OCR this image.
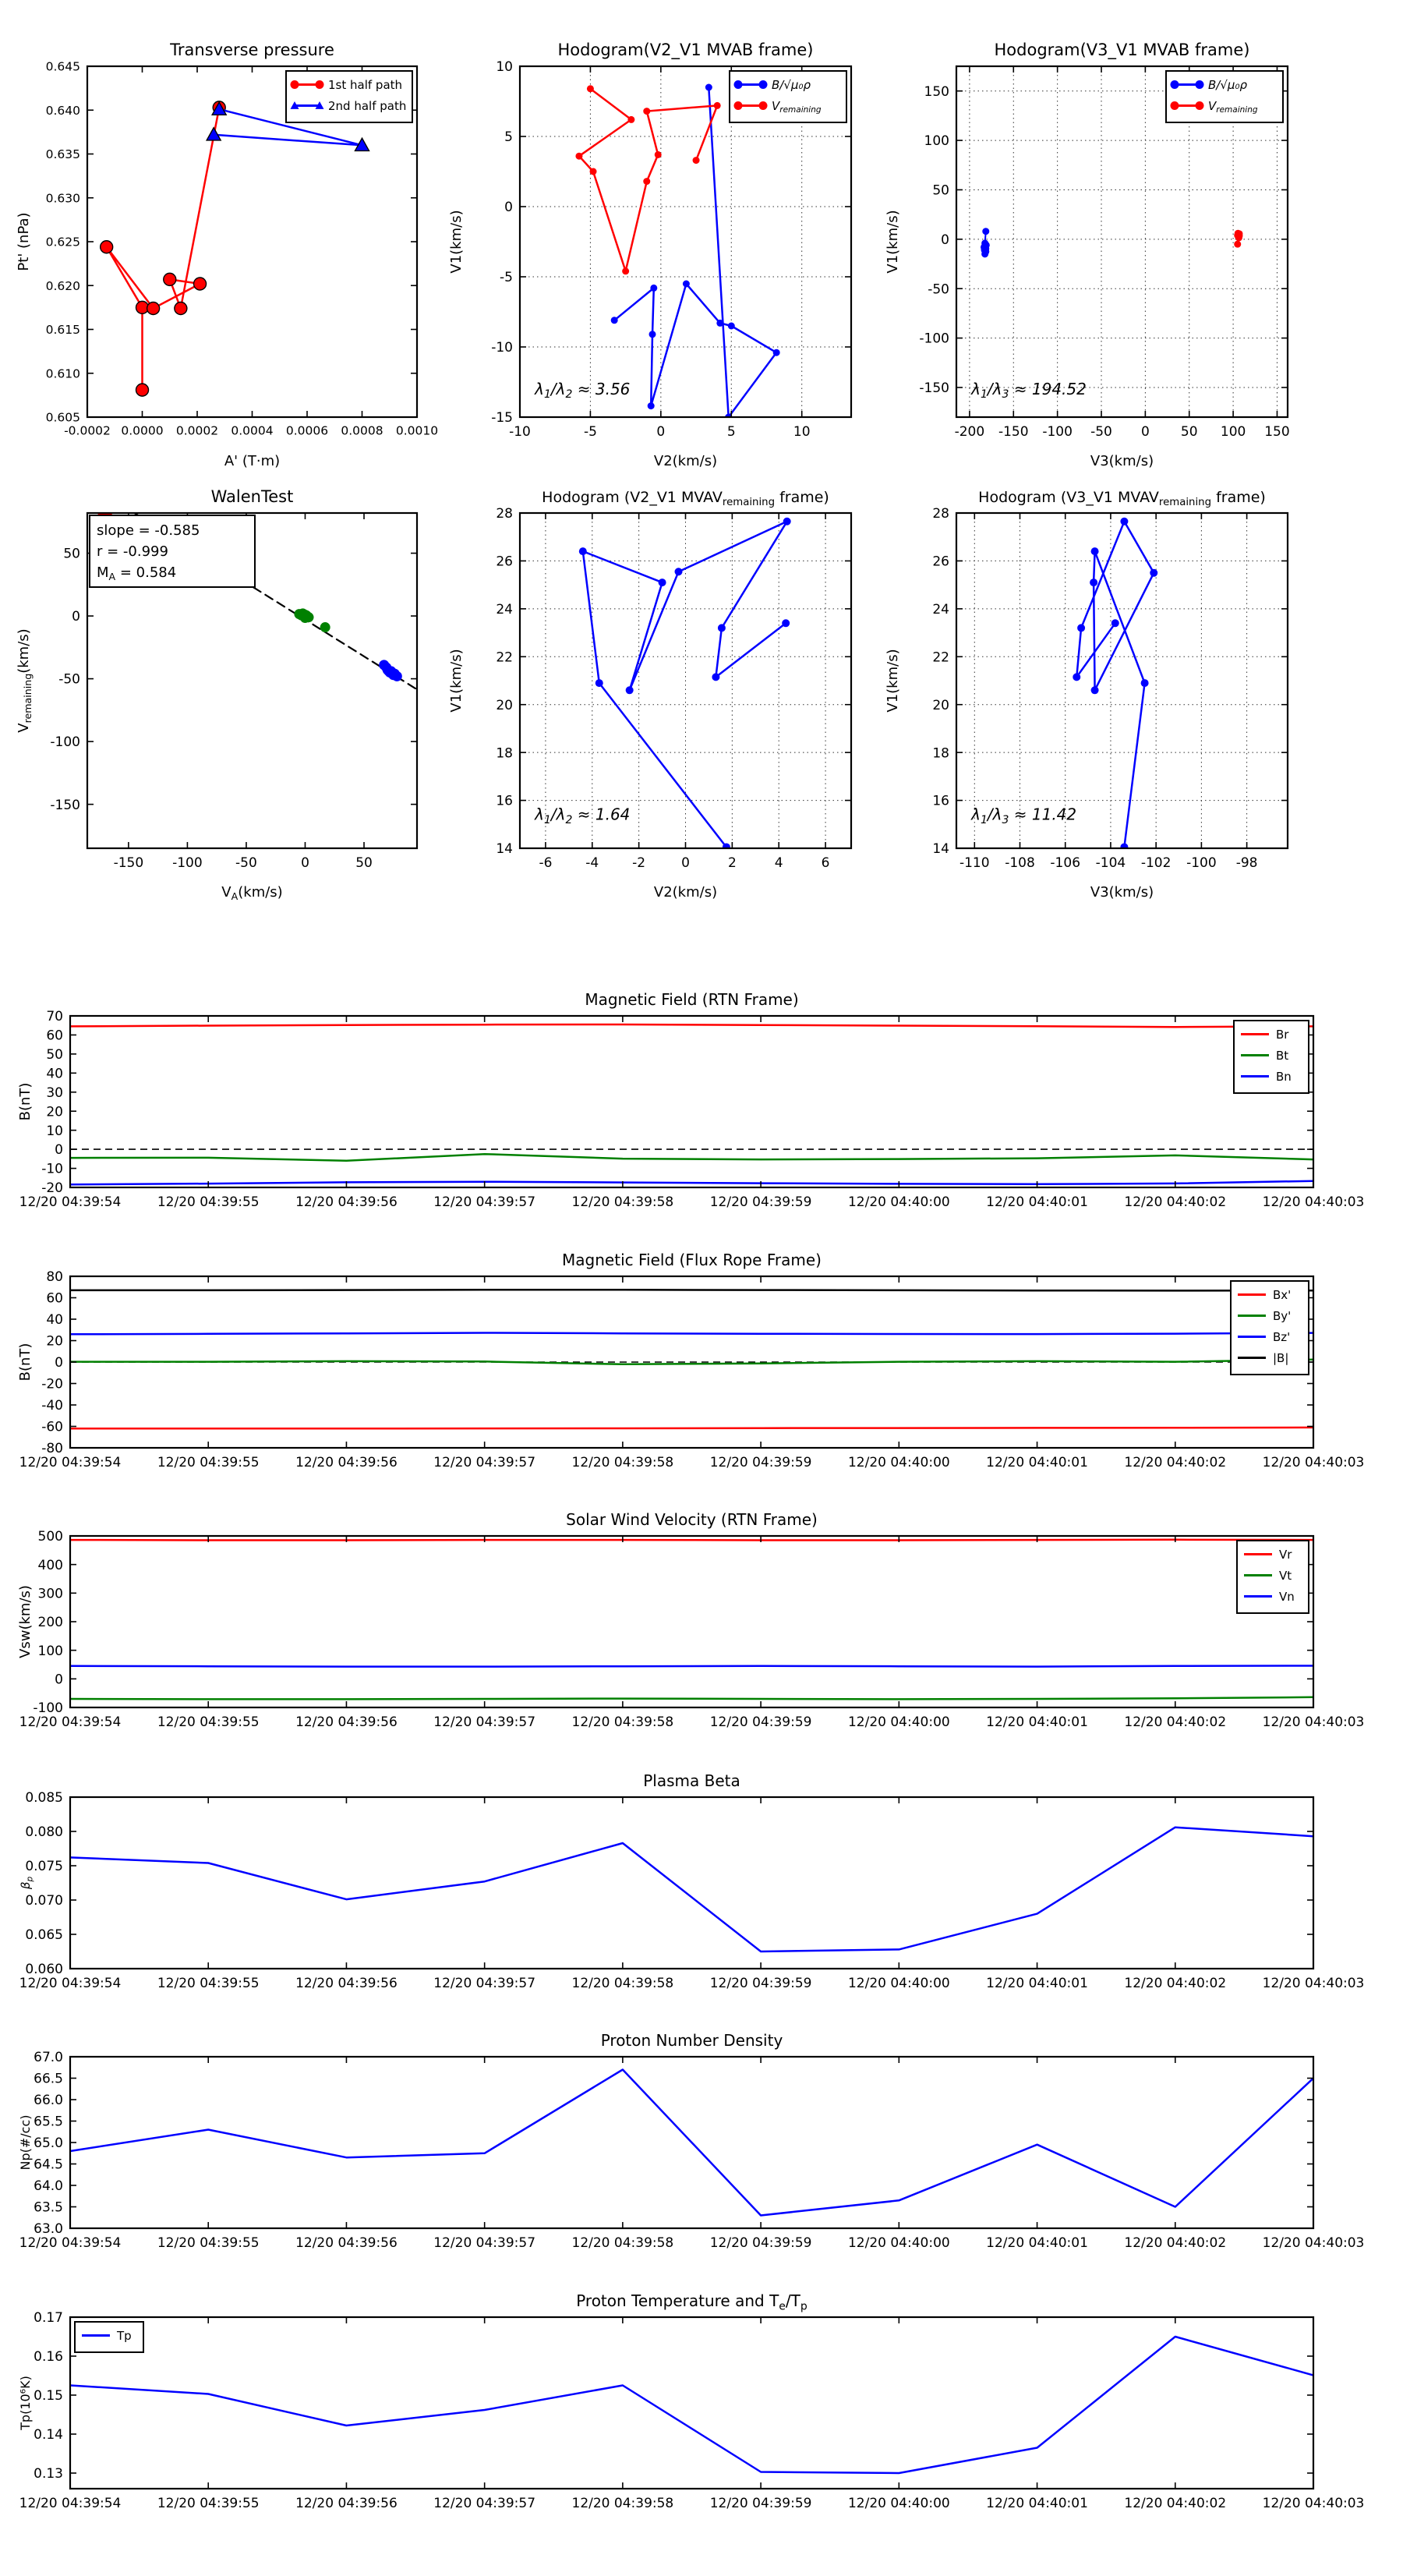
-0.0002 0.0000 0.0002 0.0004 0.0006 0.0008 0.0010
0.605
0.610
0.615
0.620
0.625
0.630
0.635
0.640
0.645
Transverse pressure
A' (T·m)
Pt' (nPa)
1st half path
2nd half path
-10	-5	0	5	10
-15
-10
-5
0
5
10
Hodogram(V2_V1 MVAB frame)
V2(km/s)
V1(km/s)
$\lambda_1/\lambda_2 \approx 3.56$
B/√μ₀ρ
$V_{remaining}$
-200 -150 -100 -50 0 50 100 150
-150
-100
-50
0
50
100
150
Hodogram(V3_V1 MVAB frame)
V3(km/s)
V1(km/s)
$\lambda_1/\lambda_3 \approx 194.52$
B/√μ₀ρ
$V_{remaining}$
-150 -100 -50	0	50
-150
-100
-50
0
50
WalenTest
$V_A(km/s)$
$V_{remaining}(km/s)$
slope = -0.585
r = -0.999
$M_A = 0.584$
-6	-4	-2	0	2	4	6
14
16
18
20
22
24
26
28
Hodogram (V2_V1 $MVAV_{remaining}$ frame)
V2(km/s)
V1(km/s)
$\lambda_1/\lambda_2 \approx 1.64$
-110 -108 -106 -104 -102 -100 -98
14
16
18
20
22
24
26
28
Hodogram (V3_V1 $MVAV_{remaining}$ frame)
V3(km/s)
V1(km/s)
$\lambda_1/\lambda_3 \approx 11.42$
12/20 04:39:54	12/20 04:39:55	12/20 04:39:56	12/20 04:39:57	12/20 04:39:58	12/20 04:39:59	12/20 04:40:00	12/20 04:40:01	12/20 04:40:02	12/20 04:40:03
-20
-10
0
10
20
30
40
50
60
70
Magnetic Field (RTN Frame)
B(nT)
Br
Bt
Bn
12/20 04:39:54	12/20 04:39:55	12/20 04:39:56	12/20 04:39:57	12/20 04:39:58	12/20 04:39:59	12/20 04:40:00	12/20 04:40:01	12/20 04:40:02	12/20 04:40:03
-80
-60
-40
-20
0
20
40
60
80
Magnetic Field (Flux Rope Frame)
B(nT)
Bx'
By'
Bz'
|B|
12/20 04:39:54	12/20 04:39:55	12/20 04:39:56	12/20 04:39:57	12/20 04:39:58	12/20 04:39:59	12/20 04:40:00	12/20 04:40:01	12/20 04:40:02	12/20 04:40:03
-100
0
100
200
300
400
500
Solar Wind Velocity (RTN Frame)
Vsw(km/s)
Vr
Vt
Vn
12/20 04:39:54	12/20 04:39:55	12/20 04:39:56	12/20 04:39:57	12/20 04:39:58	12/20 04:39:59	12/20 04:40:00	12/20 04:40:01	12/20 04:40:02	12/20 04:40:03
0.060
0.065
0.070
0.075
0.080
0.085
Plasma Beta
$\beta_p$
12/20 04:39:54	12/20 04:39:55	12/20 04:39:56	12/20 04:39:57	12/20 04:39:58	12/20 04:39:59	12/20 04:40:00	12/20 04:40:01	12/20 04:40:02	12/20 04:40:03
63.0
63.5
64.0
64.5
65.0
65.5
66.0
66.5
67.0
Proton Number Density
Np(#/cc)
12/20 04:39:54	12/20 04:39:55	12/20 04:39:56	12/20 04:39:57	12/20 04:39:58	12/20 04:39:59	12/20 04:40:00	12/20 04:40:01	12/20 04:40:02	12/20 04:40:03
0.13
0.14
0.15
0.16
0.17
Proton Temperature and $T_e/T_p$
Tp(10⁶K)
Tp
